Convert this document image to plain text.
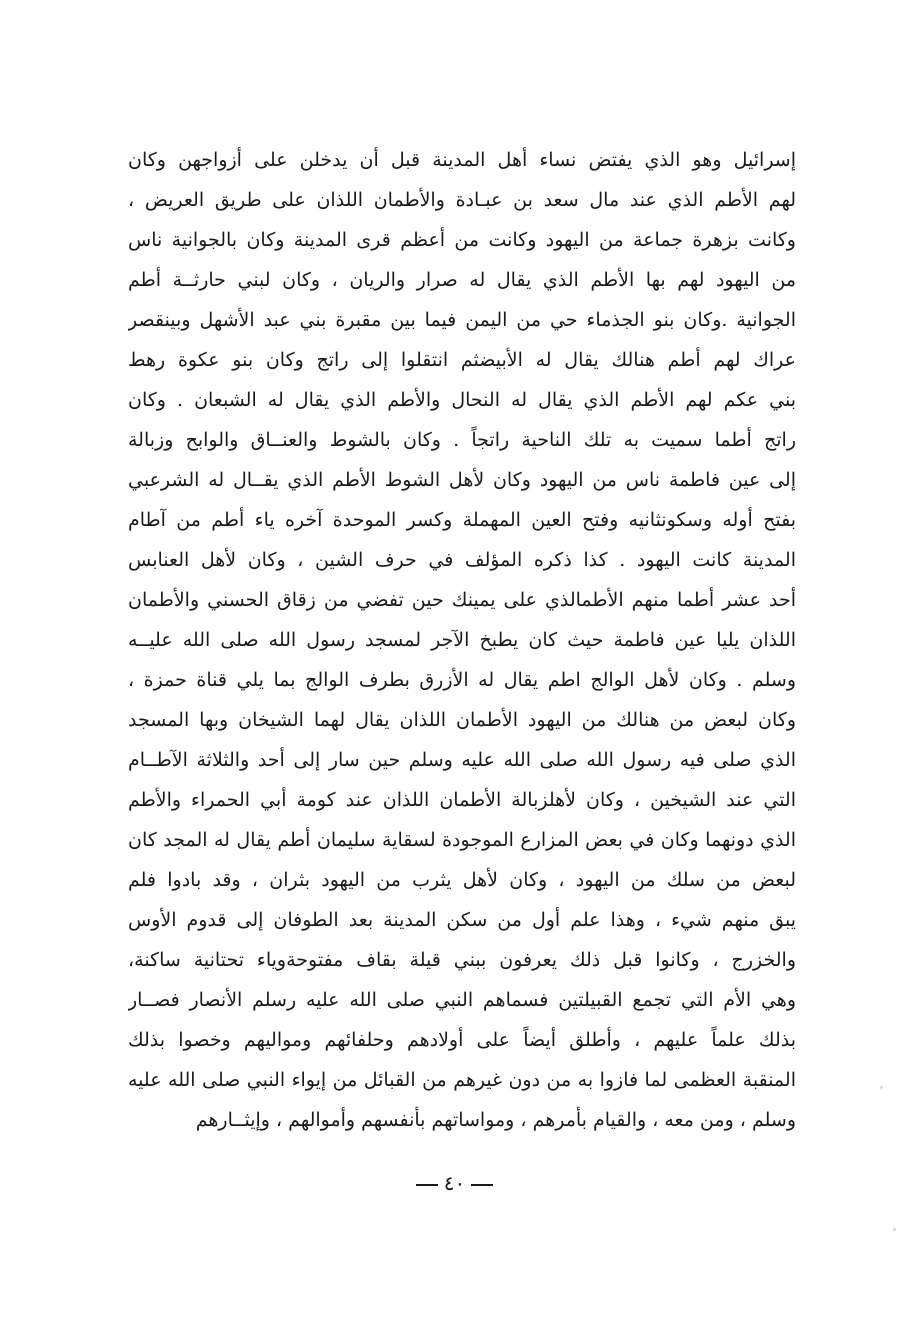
إسرائيل وهو الذي يفتض نساء أهل المدينة قبل أن يدخلن على أزواجهن وكان
لهم الأطم الذي عند مال سعد بن عبـادة والأطمان اللذان على طريق العريض ،
وكانت بزهرة جماعة من اليهود وكانت من أعظم قرى المدينة وكان بالجوانية ناس
من اليهود لهم بها الأطم الذي يقال له صرار والريان ، وكان لبني حارثــة أطم
الجوانية .وكان بنو الجذماء حي من اليمن فيما بين مقبرة بني عبد الأشهل وبينقصر
عراك لهم أطم هنالك يقال له الأبيضثم انتقلوا إلى راتج وكان بنو عكوة رهط
بني عكم لهم الأطم الذي يقال له النحال والأطم الذي يقال له الشبعان . وكان
راتج أطما سميت به تلك الناحية راتجاً . وكان بالشوط والعنــاق والوابح وزبالة
إلى عين فاطمة ناس من اليهود وكان لأهل الشوط الأطم الذي يقــال له الشرعبي
بفتح أوله وسكونثانيه وفتح العين المهملة وكسر الموحدة آخره ياء أطم من آطام
المدينة كانت اليهود . كذا ذكره المؤلف في حرف الشين ، وكان لأهل العنابس
أحد عشر أطما منهم الأطمالذي على يمينك حين تفضي من زقاق الحسني والأطمان
اللذان يليا عين فاطمة حيث كان يطبخ الآجر لمسجد رسول الله صلى الله عليــه
وسلم . وكان لأهل الوالج اطم يقال له الأزرق بطرف الوالج بما يلي قناة حمزة ،
وكان لبعض من هنالك من اليهود الأطمان اللذان يقال لهما الشيخان وبها المسجد
الذي صلى فيه رسول الله صلى الله عليه وسلم حين سار إلى أحد والثلاثة الآطــام
التي عند الشيخين ، وكان لأهلزبالة الأطمان اللذان عند كومة أبي الحمراء والأطم
الذي دونهما وكان في بعض المزارع الموجودة لسقاية سليمان أطم يقال له المجد كان
لبعض من سلك من اليهود ، وكان لأهل يثرب من اليهود بثران ، وقد بادوا فلم
يبق منهم شيء ، وهذا علم أول من سكن المدينة بعد الطوفان إلى قدوم الأوس
والخزرج ، وكانوا قبل ذلك يعرفون ببني قيلة بقاف مفتوحةوياء تحتانية ساكنة،
وهي الأم التي تجمع القبيلتين فسماهم النبي صلى الله عليه رسلم الأنصار فصــار
بذلك علماً عليهم ، وأطلق أيضاً على أولادهم وحلفائهم ومواليهم وخصوا بذلك
المنقبة العظمى لما فازوا به من دون غيرهم من القبائل من إيواء النبي صلى الله عليه
وسلم ، ومن معه ، والقيام بأمرهم ، ومواساتهم بأنفسهم وأموالهم ، وإيثــارهم
٤٠
